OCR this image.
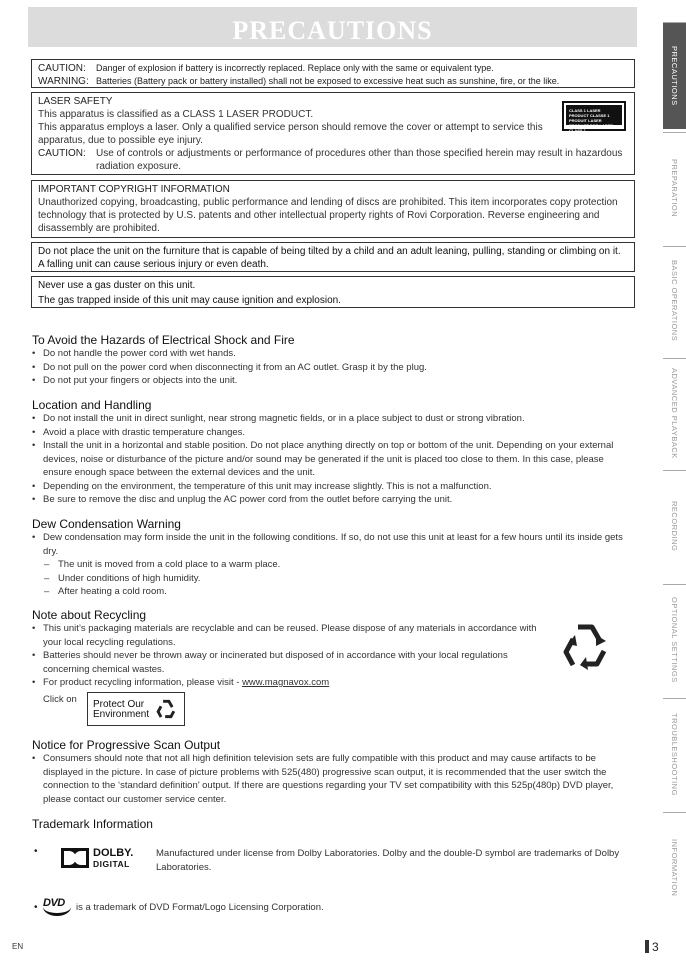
PRECAUTIONS
CAUTION:	Danger of explosion if battery is incorrectly replaced. Replace only with the same or equivalent type.
WARNING: Batteries (Battery pack or battery installed) shall not be exposed to excessive heat such as sunshine, fire, or the like.
LASER SAFETY
This apparatus is classified as a CLASS 1 LASER PRODUCT.
This apparatus employs a laser. Only a qualified service person should remove the cover or attempt to service this apparatus, due to possible eye injury.
CAUTION:	Use of controls or adjustments or performance of procedures other than those specified herein may result in hazardous radiation exposure.
CLASS 1 LASER PRODUCT CLASSE 1 PRODUIT LASER PRODUCT FOR LASER CLASS 1
IMPORTANT COPYRIGHT INFORMATION
Unauthorized copying, broadcasting, public performance and lending of discs are prohibited. This item incorporates copy protection technology that is protected by U.S. patents and other intellectual property rights of Rovi Corporation. Reverse engineering and disassembly are prohibited.
Do not place the unit on the furniture that is capable of being tilted by a child and an adult leaning, pulling, standing or climbing on it. A falling unit can cause serious injury or even death.
Never use a gas duster on this unit.
The gas trapped inside of this unit may cause ignition and explosion.
To Avoid the Hazards of Electrical Shock and Fire
• Do not handle the power cord with wet hands.
• Do not pull on the power cord when disconnecting it from an AC outlet. Grasp it by the plug.
• Do not put your fingers or objects into the unit.
Location and Handling
• Do not install the unit in direct sunlight, near strong magnetic fields, or in a place subject to dust or strong vibration.
• Avoid a place with drastic temperature changes.
• Install the unit in a horizontal and stable position. Do not place anything directly on top or bottom of the unit. Depending on your external devices, noise or disturbance of the picture and/or sound may be generated if the unit is placed too close to them. In this case, please ensure enough space between the external devices and the unit.
• Depending on the environment, the temperature of this unit may increase slightly. This is not a malfunction.
• Be sure to remove the disc and unplug the AC power cord from the outlet before carrying the unit.
Dew Condensation Warning
• Dew condensation may form inside the unit in the following conditions. If so, do not use this unit at least for a few hours until its inside gets dry.
– The unit is moved from a cold place to a warm place.
– Under conditions of high humidity.
– After heating a cold room.
Note about Recycling
• This unit’s packaging materials are recyclable and can be reused. Please dispose of any materials in accordance with your local recycling regulations.
• Batteries should never be thrown away or incinerated but disposed of in accordance with your local regulations concerning chemical wastes.
• For product recycling information, please visit - www.magnavox.com
Click on Protect Our
Environment
Notice for Progressive Scan Output
• Consumers should note that not all high definition television sets are fully compatible with this product and may cause artifacts to be displayed in the picture. In case of picture problems with 525(480) progressive scan output, it is recommended that the user switch the connection to the ‘standard definition’ output. If there are questions regarding your TV set compatibility with this 525p(480p) DVD player, please contact our customer service center.
Trademark Information
•	DOLBY.
DIGITAL
Manufactured under license from Dolby Laboratories. Dolby and the double-D symbol are trademarks of Dolby Laboratories.
• DVD	is a trademark of DVD Format/Logo Licensing Corporation.
PRECAUTIONS
PREPARATION
BASIC OPERATIONS
ADVANCED PLAYBACK
RECORDING
OPTIONAL SETTINGS
TROUBLESHOOTING
INFORMATION
EN	3
